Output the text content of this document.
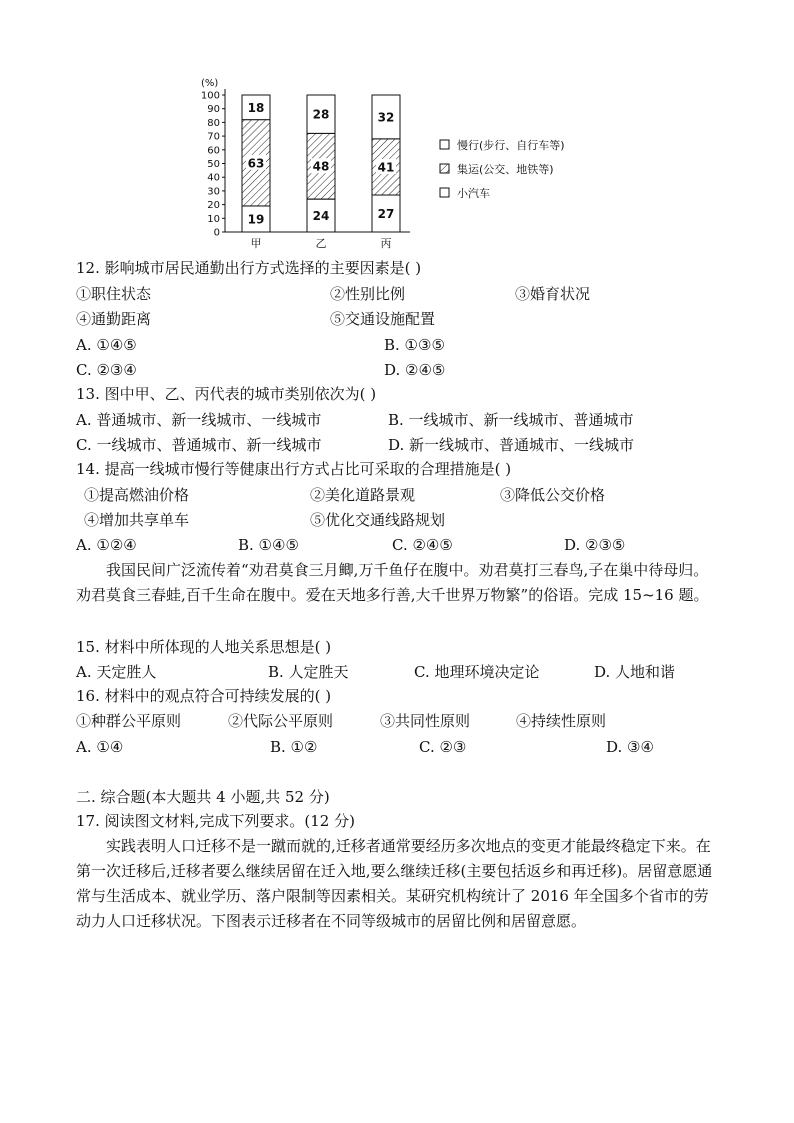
(%)
0
10
20
30
40
50
60
70
80
90
100
19
63
18
甲
24
48
28
乙
27
41
32
丙
慢行(步行、自行车等)
集运(公交、地铁等)
小汽车
12. 影响城市居民通勤出行方式选择的主要因素是( )
①职住状态	②性别比例	③婚育状况
④通勤距离	⑤交通设施配置
A. ①④⑤	B. ①③⑤
C. ②③④	D. ②④⑤
13. 图中甲、乙、丙代表的城市类别依次为( )
A. 普通城市、新一线城市、一线城市	B. 一线城市、新一线城市、普通城市
C. 一线城市、普通城市、新一线城市	D. 新一线城市、普通城市、一线城市
14. 提高一线城市慢行等健康出行方式占比可采取的合理措施是( )
①提高燃油价格	②美化道路景观	③降低公交价格
④增加共享单车	⑤优化交通线路规划
A. ①②④	B. ①④⑤	C. ②④⑤	D. ②③⑤
我国民间广泛流传着“劝君莫食三月鲫,万千鱼仔在腹中。劝君莫打三春鸟,子在巢中待母归。劝君莫食三春蛙,百千生命在腹中。爱在天地多行善,大千世界万物繁”的俗语。完成 15~16 题。
15. 材料中所体现的人地关系思想是( )
A. 天定胜人	B. 人定胜天	C. 地理环境决定论	D. 人地和谐
16. 材料中的观点符合可持续发展的( )
①种群公平原则	②代际公平原则	③共同性原则	④持续性原则
A. ①④	B. ①②	C. ②③	D. ③④
二. 综合题(本大题共 4 小题,共 52 分)
17. 阅读图文材料,完成下列要求。(12 分)
实践表明人口迁移不是一蹴而就的,迁移者通常要经历多次地点的变更才能最终稳定下来。在第一次迁移后,迁移者要么继续居留在迁入地,要么继续迁移(主要包括返乡和再迁移)。居留意愿通常与生活成本、就业学历、落户限制等因素相关。某研究机构统计了 2016 年全国多个省市的劳动力人口迁移状况。下图表示迁移者在不同等级城市的居留比例和居留意愿。
